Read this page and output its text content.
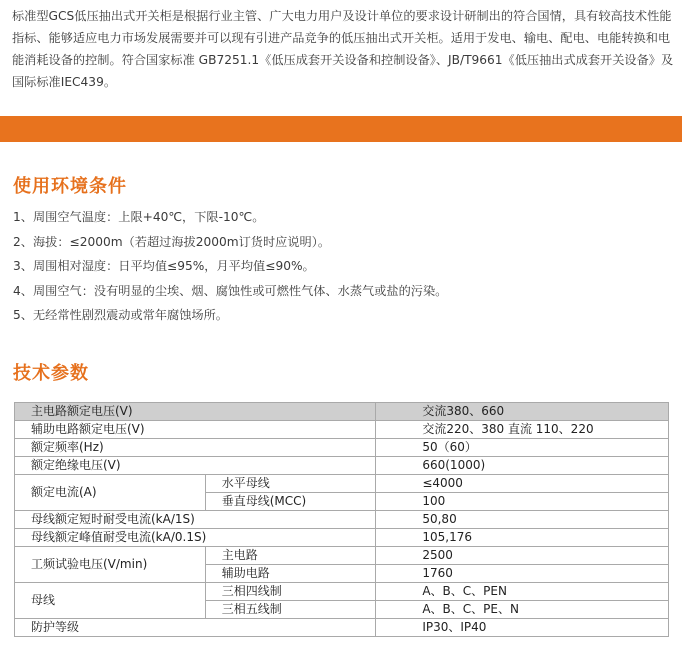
标准型GCS低压抽出式开关柜是根据行业主管、广大电力用户及设计单位的要求设计研制出的符合国情，具有较高技术性能指标、能够适应电力市场发展需要并可以现有引进产品竞争的低压抽出式开关柜。适用于发电、输电、配电、电能转换和电能消耗设备的控制。符合国家标准 GB7251.1《低压成套开关设备和控制设备》、JB/T9661《低压抽出式成套开关设备》及国际标准IEC439。

使用环境条件
1、周围空气温度：上限+40℃，下限-10℃。
2、海拔：≤2000m（若超过海拔2000m订货时应说明）。
3、周围相对湿度：日平均值≤95%，月平均值≤90%。
4、周围空气：没有明显的尘埃、烟、腐蚀性或可燃性气体、水蒸气或盐的污染。
5、无经常性剧烈震动或常年腐蚀场所。
技术参数
主电路额定电压(V)		交流380、660
辅助电路额定电压(V)		交流220、380 直流 110、220
额定频率(Hz)		50（60）
额定绝缘电压(V)		660(1000)
额定电流(A)	水平母线	≤4000
	垂直母线(MCC)	100
母线额定短时耐受电流(kA/1S)		50,80
母线额定峰值耐受电流(kA/0.1S)		105,176
工频试验电压(V/min)	主电路	2500
	辅助电路	1760
母线	三相四线制	A、B、C、PEN
	三相五线制	A、B、C、PE、N
防护等级		IP30、IP40
